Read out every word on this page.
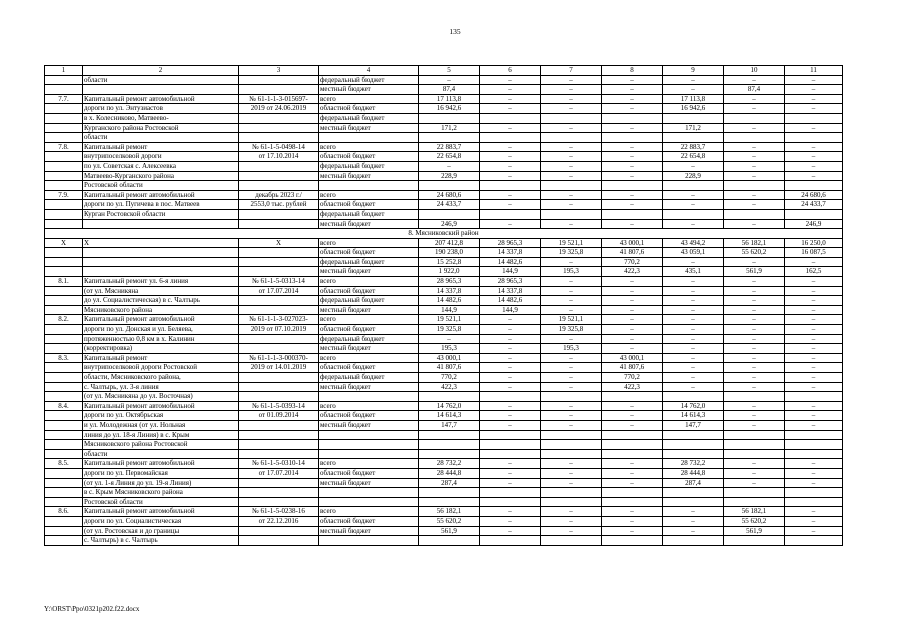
135
1	2	3	4	5	6	7	8	9	10	11
	области		федеральный бюджет	–	–	–	–	–	–	–
			местный бюджет	87,4	–	–	–	–	87,4	–
7.7.	Капитальный ремонт автомобильной	№ 61-1-1-3-015697-	всего	17 113,8	–	–	–	17 113,8	–	–
	дороги по ул. Энтузиастов	2019 от 24.06.2019	областной бюджет	16 942,6	–	–	–	16 942,6	–	–
	в х. Колесниково, Матвеево-		федеральный бюджет							
	Курганского района Ростовской		местный бюджет	171,2	–	–	–	171,2	–	–
	области									
7.8.	Капитальный ремонт	№ 61-1-5-0498-14	всего	22 883,7	–	–	–	22 883,7	–	–
	внутрипоселковой дороги	от 17.10.2014	областной бюджет	22 654,8	–	–	–	22 654,8	–	–
	по ул. Советская с. Алексеевка		федеральный бюджет	–	–	–	–	–	–	–
	Матвеево-Курганского района		местный бюджет	228,9	–	–	–	228,9	–	–
	Ростовской области									
7.9.	Капитальный ремонт автомобильной	декабрь 2023 г./	всего	24 680,6	–	–	–	–	–	24 680,6
	дороги по ул. Пугичева в пос. Матвеев	2553,0 тыс. рублей	областной бюджет	24 433,7	–	–	–	–	–	24 433,7
	Курган Ростовской области		федеральный бюджет							
			местный бюджет	246,9	–	–	–	–	–	246,9
8. Мясниковский район										
Х	Х	Х	всего	207 412,8	28 965,3	19 521,1	43 000,1	43 494,2	56 182,1	16 250,0
			областной бюджет	190 238,0	14 337,8	19 325,8	41 807,6	43 059,1	55 620,2	16 087,5
			федеральный бюджет	15 252,8	14 482,6	–	770,2	–	–	–
			местный бюджет	1 922,0	144,9	195,3	422,3	435,1	561,9	162,5
8.1.	Капитальный ремонт ул. 6-я линия	№ 61-1-5-0313-14	всего	28 965,3	28 965,3	–	–	–	–	–
	(от ул. Мясникяна	от 17.07.2014	областной бюджет	14 337,8	14 337,8	–	–	–	–	–
	до ул. Социалистическая) в с. Чалтырь		федеральный бюджет	14 482,6	14 482,6	–	–	–	–	–
	Мясниковского района		местный бюджет	144,9	144,9	–	–	–	–	–
8.2.	Капитальный ремонт автомобильной	№ 61-1-1-3-027023-	всего	19 521,1	–	19 521,1	–	–	–	–
	дороги по ул. Донская и ул. Беляева,	2019 от 07.10.2019	областной бюджет	19 325,8	–	19 325,8	–	–	–	–
	протяженностью 0,8 км в х. Калинин		федеральный бюджет	–	–	–	–	–	–	–
	(корректировка)		местный бюджет	195,3	–	195,3	–	–	–	–
8.3.	Капитальный ремонт	№ 61-1-1-3-000370-	всего	43 000,1	–	–	43 000,1	–	–	–
	внутрипоселковой дороги Ростовской	2019 от 14.01.2019	областной бюджет	41 807,6	–	–	41 807,6	–	–	–
	области, Мясниковского района,		федеральный бюджет	770,2	–	–	770,2	–	–	–
	с. Чалтырь, ул. 3-я линия		местный бюджет	422,3	–	–	422,3	–	–	–
	(от ул. Мясникяна до ул. Восточная)									
8.4.	Капитальный ремонт автомобильной	№ 61-1-5-0393-14	всего	14 762,0	–	–	–	14 762,0	–	–
	дороги по ул. Октябрьская	от 01.09.2014	областной бюджет	14 614,3	–	–	–	14 614,3	–	–
	и ул. Молодежная (от ул. Нольная		местный бюджет	147,7	–	–	–	147,7	–	–
	линия до ул. 18-я Линия) в с. Крым									
	Мясниковского района Ростовской									
	области									
8.5.	Капитальный ремонт автомобильной	№ 61-1-5-0310-14	всего	28 732,2	–	–	–	28 732,2	–	–
	дороги по ул. Первомайская	от 17.07.2014	областной бюджет	28 444,8	–	–	–	28 444,8	–	–
	(от ул. 1-я Линия до ул. 19-я Линия)		местный бюджет	287,4	–	–	–	287,4	–	–
	в с. Крым Мясниковского района									
	Ростовской области									
8.6.	Капитальный ремонт автомобильной	№ 61-1-5-0238-16	всего	56 182,1	–	–	–	–	56 182,1	–
	дороги по ул. Социалистическая	от 22.12.2016	областной бюджет	55 620,2	–	–	–	–	55 620,2	–
	(от ул. Ростовская и до границы		местный бюджет	561,9	–	–	–	–	561,9	–
	с. Чалтырь) в с. Чалтырь									
Y:\ORST\Ppo\0321p202.f22.docx
